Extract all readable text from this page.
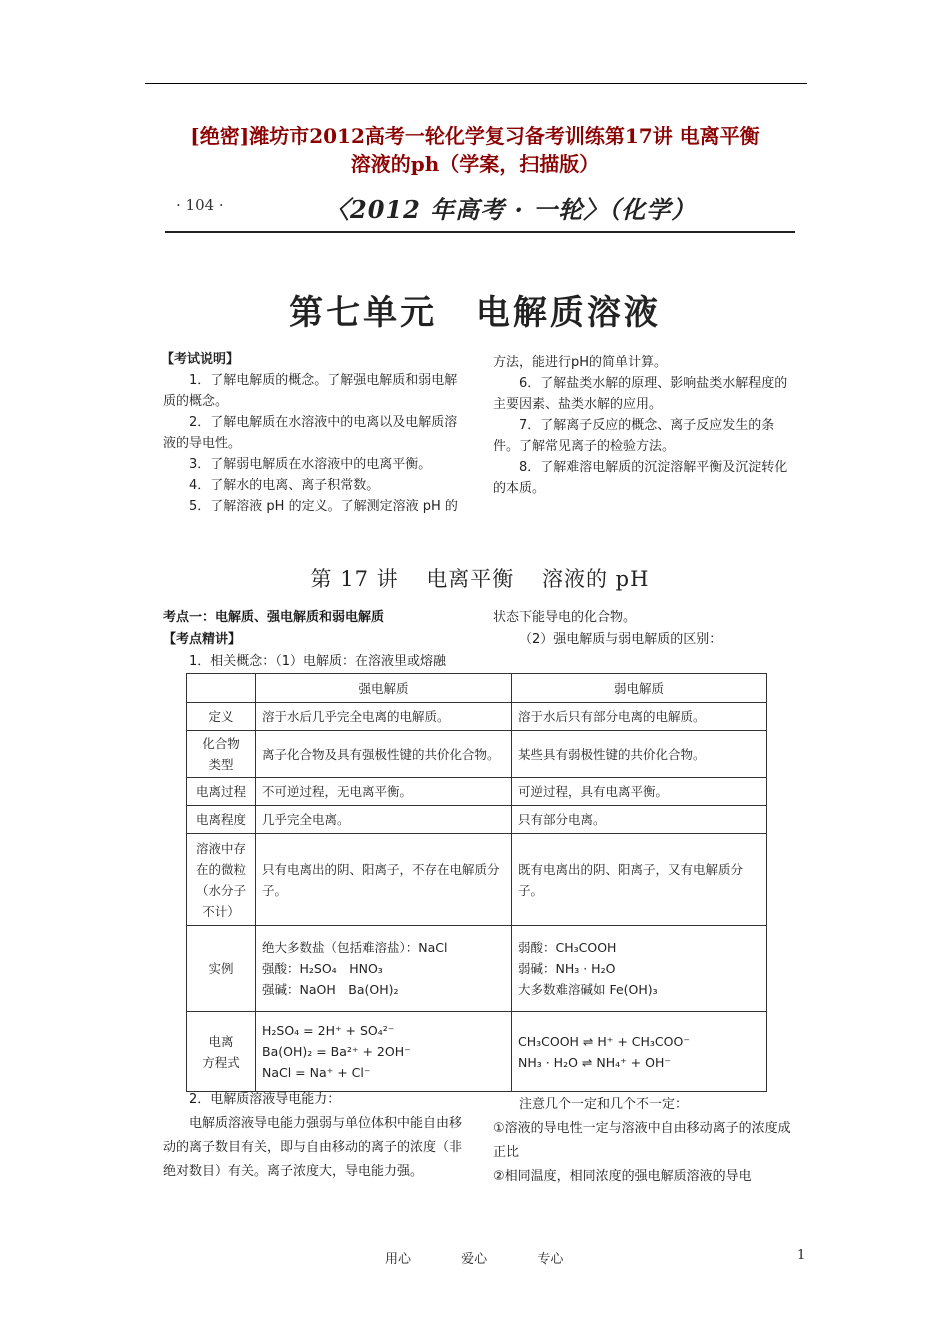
[绝密]潍坊市2012高考一轮化学复习备考训练第17讲 电离平衡
溶液的ph（学案，扫描版）
· 104 ·	〈2012 年高考 · 一轮〉（化学）
第七单元 电解质溶液

【考试说明】

1．了解电解质的概念。了解强电解质和弱电解质的概念。

2．了解电解质在水溶液中的电离以及电解质溶液的导电性。

3．了解弱电解质在水溶液中的电离平衡。

4．了解水的电离、离子积常数。

5．了解溶液 pH 的定义。了解测定溶液 pH 的

方法，能进行pH的简单计算。

6．了解盐类水解的原理、影响盐类水解程度的主要因素、盐类水解的应用。

7．了解离子反应的概念、离子反应发生的条件。了解常见离子的检验方法。

8．了解难溶电解质的沉淀溶解平衡及沉淀转化的本质。

第 17 讲 电离平衡 溶液的 pH

考点一：电解质、强电解质和弱电解质

【考点精讲】

1．相关概念：（1）电解质：在溶液里或熔融

状态下能导电的化合物。

（2）强电解质与弱电解质的区别：

	强电解质	弱电解质
定义	溶于水后几乎完全电离的电解质。	溶于水后只有部分电离的电解质。
化合物
类型	离子化合物及具有强极性键的共价化合物。	某些具有弱极性键的共价化合物。
电离过程	不可逆过程，无电离平衡。	可逆过程，具有电离平衡。
电离程度	几乎完全电离。	只有部分电离。
溶液中存
在的微粒
（水分子
不计）	只有电离出的阴、阳离子，不存在电解质分子。	既有电离出的阴、阳离子，又有电解质分子。
实例	绝大多数盐（包括难溶盐）：NaCl
强酸：H₂SO₄　HNO₃
强碱：NaOH　Ba(OH)₂	弱酸：CH₃COOH
弱碱：NH₃ · H₂O
大多数难溶碱如 Fe(OH)₃
电离
方程式	H₂SO₄ = 2H⁺ + SO₄²⁻
Ba(OH)₂ = Ba²⁺ + 2OH⁻
NaCl = Na⁺ + Cl⁻	CH₃COOH ⇌ H⁺ + CH₃COO⁻
NH₃ · H₂O ⇌ NH₄⁺ + OH⁻

2．电解质溶液导电能力：

电解质溶液导电能力强弱与单位体积中能自由移动的离子数目有关，即与自由移动的离子的浓度（非绝对数目）有关。离子浓度大，导电能力强。

注意几个一定和几个不一定：

①溶液的导电性一定与溶液中自由移动离子的浓度成正比

②相同温度，相同浓度的强电解质溶液的导电

用心	爱心	专心	1
